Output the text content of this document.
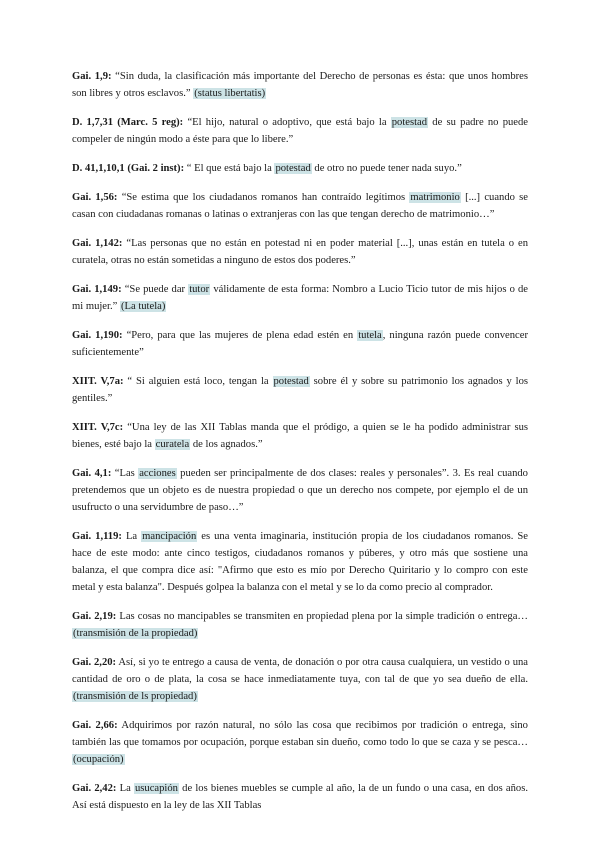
Gai. 1,9: “Sin duda, la clasificación más importante del Derecho de personas es ésta: que unos hombres son libres y otros esclavos.” (status libertatis)

D. 1,7,31 (Marc. 5 reg): “El hijo, natural o adoptivo, que está bajo la potestad de su padre no puede compeler de ningún modo a éste para que lo libere.”

D. 41,1,10,1 (Gai. 2 inst): “ El que está bajo la potestad de otro no puede tener nada suyo.”

Gai. 1,56: “Se estima que los ciudadanos romanos han contraído legítimos matrimonio [...] cuando se casan con ciudadanas romanas o latinas o extranjeras con las que tengan derecho de matrimonio…”

Gai. 1,142: “Las personas que no están en potestad ni en poder material [...], unas están en tutela o en curatela, otras no están sometidas a ninguno de estos dos poderes.”

Gai. 1,149: “Se puede dar tutor válidamente de esta forma: Nombro a Lucio Ticio tutor de mis hijos o de mi mujer.” (La tutela)

Gai. 1,190: “Pero, para que las mujeres de plena edad estén en tutela, ninguna razón puede convencer suficientemente”

XIIT. V,7a: “ Si alguien está loco, tengan la potestad sobre él y sobre su patrimonio los agnados y los gentiles.”

XIIT. V,7c: “Una ley de las XII Tablas manda que el pródigo, a quien se le ha podido administrar sus bienes, esté bajo la curatela de los agnados.”

Gai. 4,1: “Las acciones pueden ser principalmente de dos clases: reales y personales”. 3. Es real cuando pretendemos que un objeto es de nuestra propiedad o que un derecho nos compete, por ejemplo el de un usufructo o una servidumbre de paso…”

Gai. 1,119: La mancipación es una venta imaginaria, institución propia de los ciudadanos romanos. Se hace de este modo: ante cinco testigos, ciudadanos romanos y púberes, y otro más que sostiene una balanza, el que compra dice así: "Afirmo que esto es mío por Derecho Quiritario y lo compro con este metal y esta balanza". Después golpea la balanza con el metal y se lo da como precio al comprador.

Gai. 2,19: Las cosas no mancipables se transmiten en propiedad plena por la simple tradición o entrega… (transmisión de la propiedad)

Gai. 2,20: Así, si yo te entrego a causa de venta, de donación o por otra causa cualquiera, un vestido o una cantidad de oro o de plata, la cosa se hace inmediatamente tuya, con tal de que yo sea dueño de ella. (transmisión de ls propiedad)

Gai. 2,66: Adquirimos por razón natural, no sólo las cosa que recibimos por tradición o entrega, sino también las que tomamos por ocupación, porque estaban sin dueño, como todo lo que se caza y se pesca… (ocupación)

Gai. 2,42: La usucapión de los bienes muebles se cumple al año, la de un fundo o una casa, en dos años. Así está dispuesto en la ley de las XII Tablas
